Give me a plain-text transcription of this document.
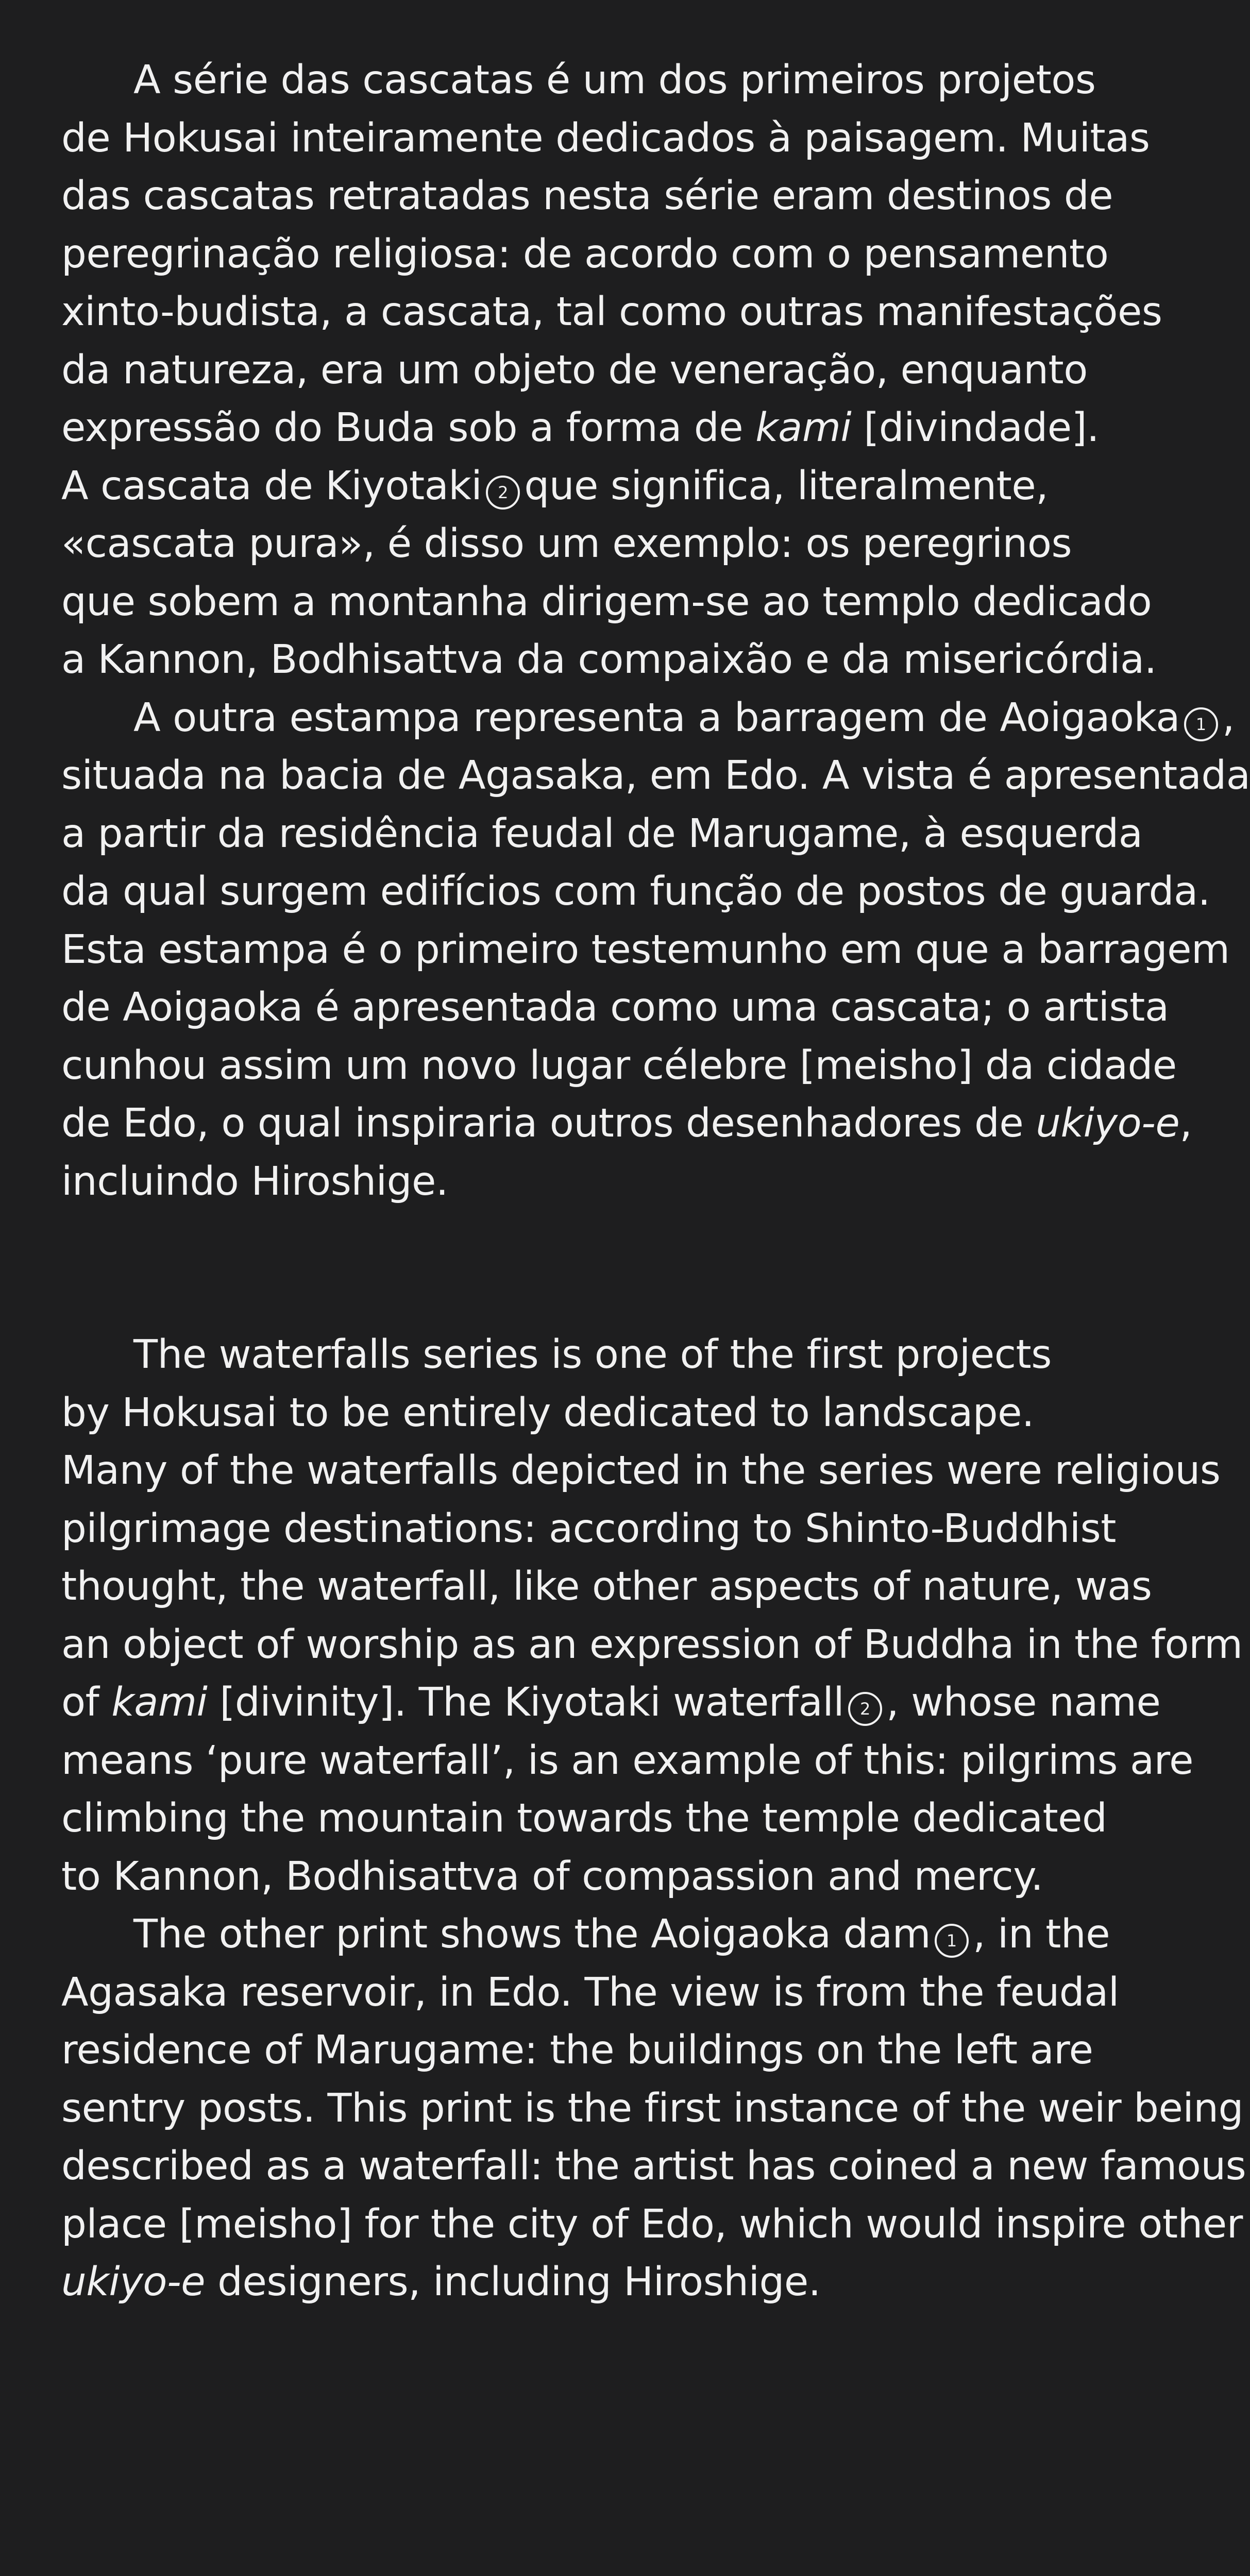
A série das cascatas é um dos primeiros projetos
de Hokusai inteiramente dedicados à paisagem. Muitas
das cascatas retratadas nesta série eram destinos de
peregrinação religiosa: de acordo com o pensamento
xinto-budista, a cascata, tal como outras manifestações
da natureza, era um objeto de veneração, enquanto
expressão do Buda sob a forma de kami [divindade].
A cascata de Kiyotaki 2 que significa, literalmente,
«cascata pura», é disso um exemplo: os peregrinos
que sobem a montanha dirigem-se ao templo dedicado
a Kannon, Bodhisattva da compaixão e da misericórdia.
A outra estampa representa a barragem de Aoigaoka 1 ,
situada na bacia de Agasaka, em Edo. A vista é apresentada
a partir da residência feudal de Marugame, à esquerda
da qual surgem edifícios com função de postos de guarda.
Esta estampa é o primeiro testemunho em que a barragem
de Aoigaoka é apresentada como uma cascata; o artista
cunhou assim um novo lugar célebre [meisho] da cidade
de Edo, o qual inspiraria outros desenhadores de ukiyo-e,
incluindo Hiroshige.
The waterfalls series is one of the first projects
by Hokusai to be entirely dedicated to landscape.
Many of the waterfalls depicted in the series were religious
pilgrimage destinations: according to Shinto-Buddhist
thought, the waterfall, like other aspects of nature, was
an object of worship as an expression of Buddha in the form
of kami [divinity]. The Kiyotaki waterfall 2 , whose name
means ‘pure waterfall’, is an example of this: pilgrims are
climbing the mountain towards the temple dedicated
to Kannon, Bodhisattva of compassion and mercy.
The other print shows the Aoigaoka dam 1 , in the
Agasaka reservoir, in Edo. The view is from the feudal
residence of Marugame: the buildings on the left are
sentry posts. This print is the first instance of the weir being
described as a waterfall: the artist has coined a new famous
place [meisho] for the city of Edo, which would inspire other
ukiyo-e designers, including Hiroshige.
